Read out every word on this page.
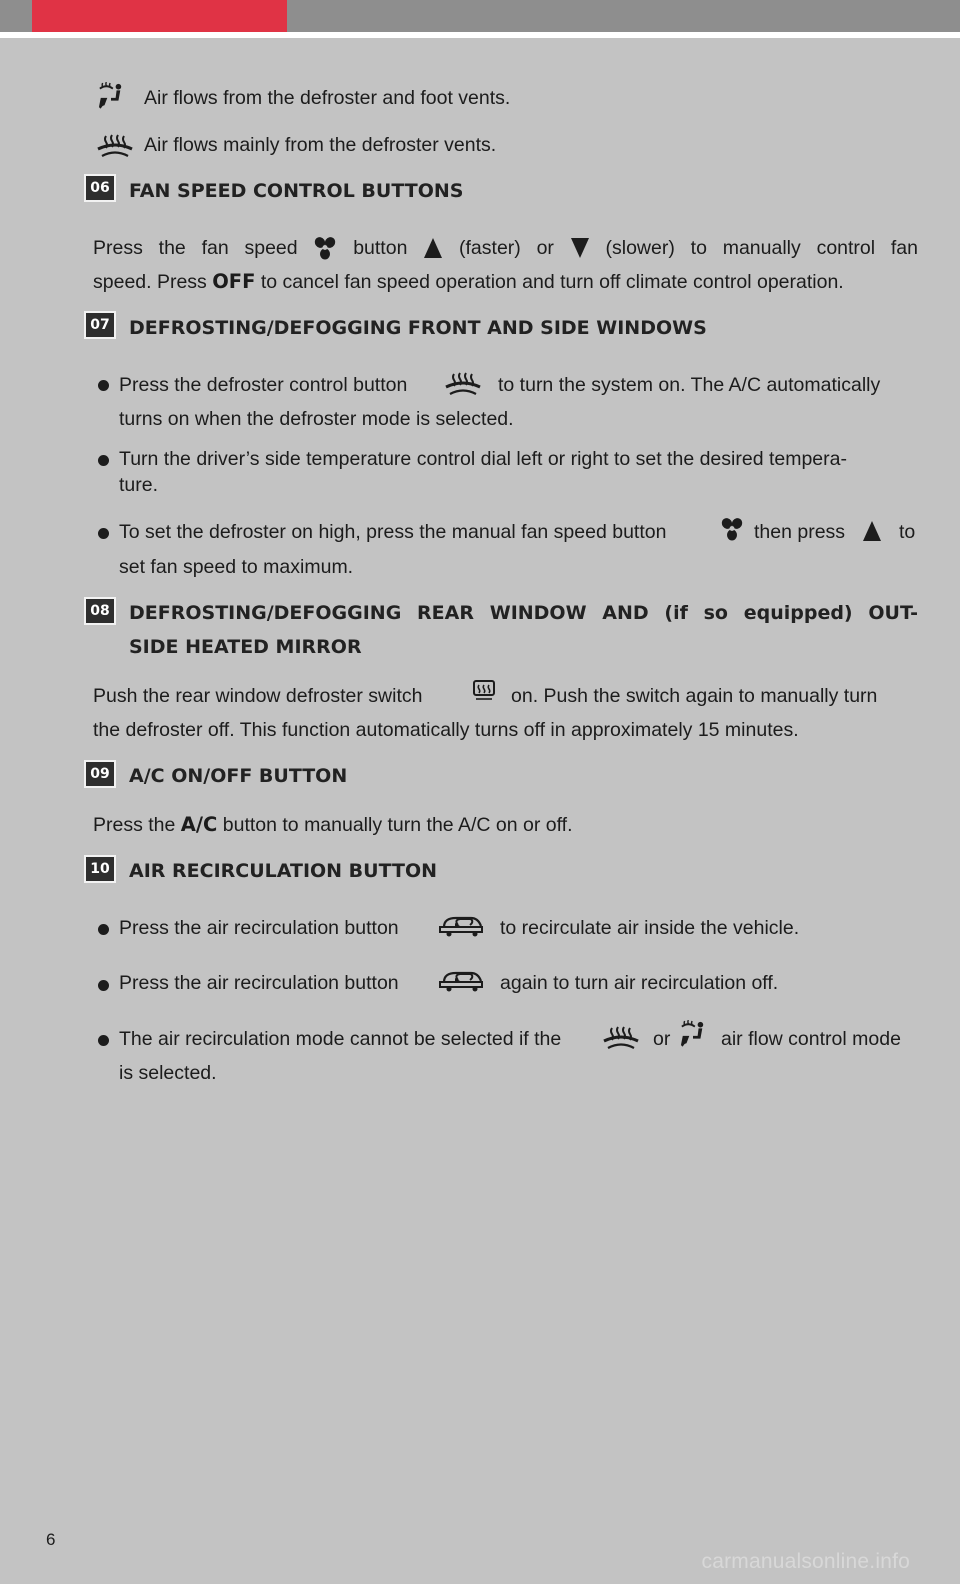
Air flows from the defroster and foot vents.
Air flows mainly from the defroster vents.
06	FAN SPEED CONTROL BUTTONS
Press the fan speed	button	(faster) or	(slower) to manually control fan
speed. Press OFF to cancel fan speed operation and turn off climate control operation.
07	DEFROSTING/DEFOGGING FRONT AND SIDE WINDOWS
Press the defroster control button	to turn the system on. The A/C automatically
turns on when the defroster mode is selected.
Turn the driver’s side temperature control dial left or right to set the desired tempera-
ture.
To set the defroster on high, press the manual fan speed button	then press	to
set fan speed to maximum.
08	DEFROSTING/DEFOGGING REAR WINDOW AND (if so equipped) OUT-
SIDE HEATED MIRROR
Push the rear window defroster switch	on. Push the switch again to manually turn
the defroster off. This function automatically turns off in approximately 15 minutes.
09	A/C ON/OFF BUTTON
Press the A/C button to manually turn the A/C on or off.
10	AIR RECIRCULATION BUTTON
Press the air recirculation button	to recirculate air inside the vehicle.
Press the air recirculation button	again to turn air recirculation off.
The air recirculation mode cannot be selected if the	or	air flow control mode
is selected.
6
carmanualsonline.info
